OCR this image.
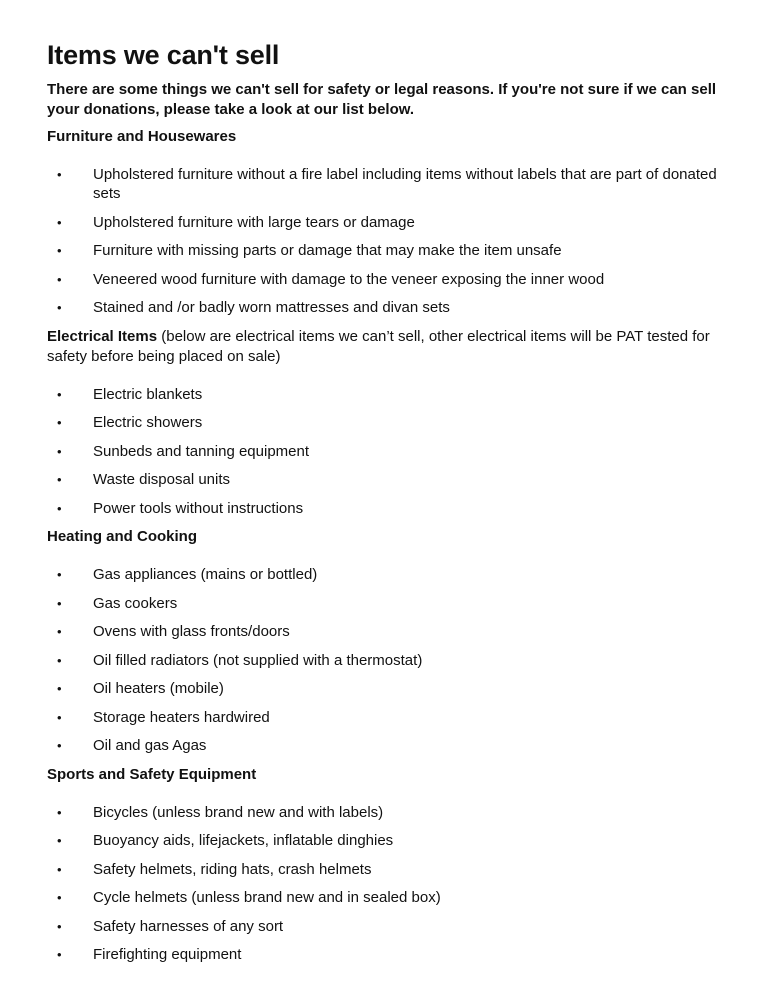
Items we can't sell

There are some things we can't sell for safety or legal reasons. If you're not sure if we can sell your donations, please take a look at our list below.

Furniture and Housewares

• Upholstered furniture without a fire label including items without labels that are part of donated sets
• Upholstered furniture with large tears or damage
• Furniture with missing parts or damage that may make the item unsafe
• Veneered wood furniture with damage to the veneer exposing the inner wood
• Stained and /or badly worn mattresses and divan sets

Electrical Items (below are electrical items we can’t sell, other electrical items will be PAT tested for safety before being placed on sale)

• Electric blankets
• Electric showers
• Sunbeds and tanning equipment
• Waste disposal units
• Power tools without instructions

Heating and Cooking

• Gas appliances (mains or bottled)
• Gas cookers
• Ovens with glass fronts/doors
• Oil filled radiators (not supplied with a thermostat)
• Oil heaters (mobile)
• Storage heaters hardwired
• Oil and gas Agas

Sports and Safety Equipment

• Bicycles (unless brand new and with labels)
• Buoyancy aids, lifejackets, inflatable dinghies
• Safety helmets, riding hats, crash helmets
• Cycle helmets (unless brand new and in sealed box)
• Safety harnesses of any sort
• Firefighting equipment
